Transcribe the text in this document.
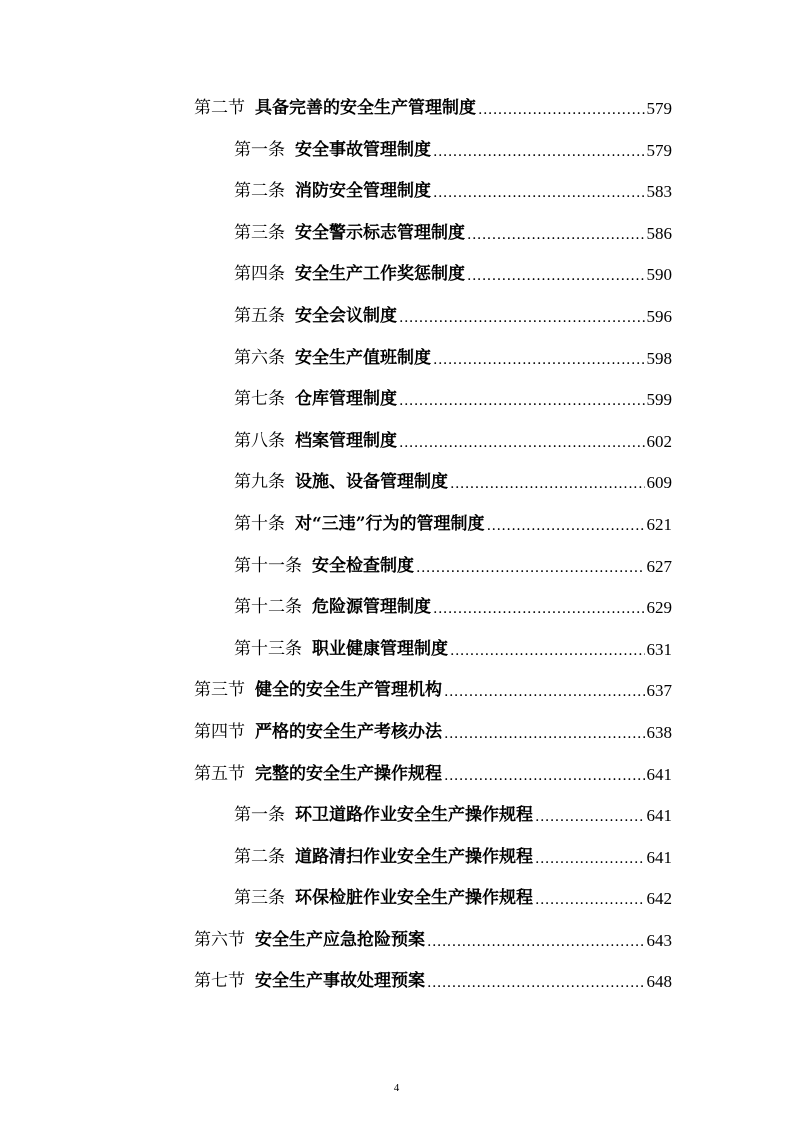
第二节 具备完善的安全生产管理制度 .....	579
第一条 安全事故管理制度 .....	579
第二条 消防安全管理制度 .....	583
第三条 安全警示标志管理制度 .....	586
第四条 安全生产工作奖惩制度 .....	590
第五条 安全会议制度 .....	596
第六条 安全生产值班制度 .....	598
第七条 仓库管理制度 .....	599
第八条 档案管理制度 .....	602
第九条 设施、设备管理制度 .....	609
第十条 对“三违”行为的管理制度 .....	621
第十一条 安全检查制度 .....	627
第十二条 危险源管理制度 .....	629
第十三条 职业健康管理制度 .....	631
第三节 健全的安全生产管理机构 .....	637
第四节 严格的安全生产考核办法 .....	638
第五节 完整的安全生产操作规程 .....	641
第一条 环卫道路作业安全生产操作规程 .....	641
第二条 道路清扫作业安全生产操作规程 .....	641
第三条 环保检脏作业安全生产操作规程 .....	642
第六节 安全生产应急抢险预案 .....	643
第七节 安全生产事故处理预案 .....	648
4
